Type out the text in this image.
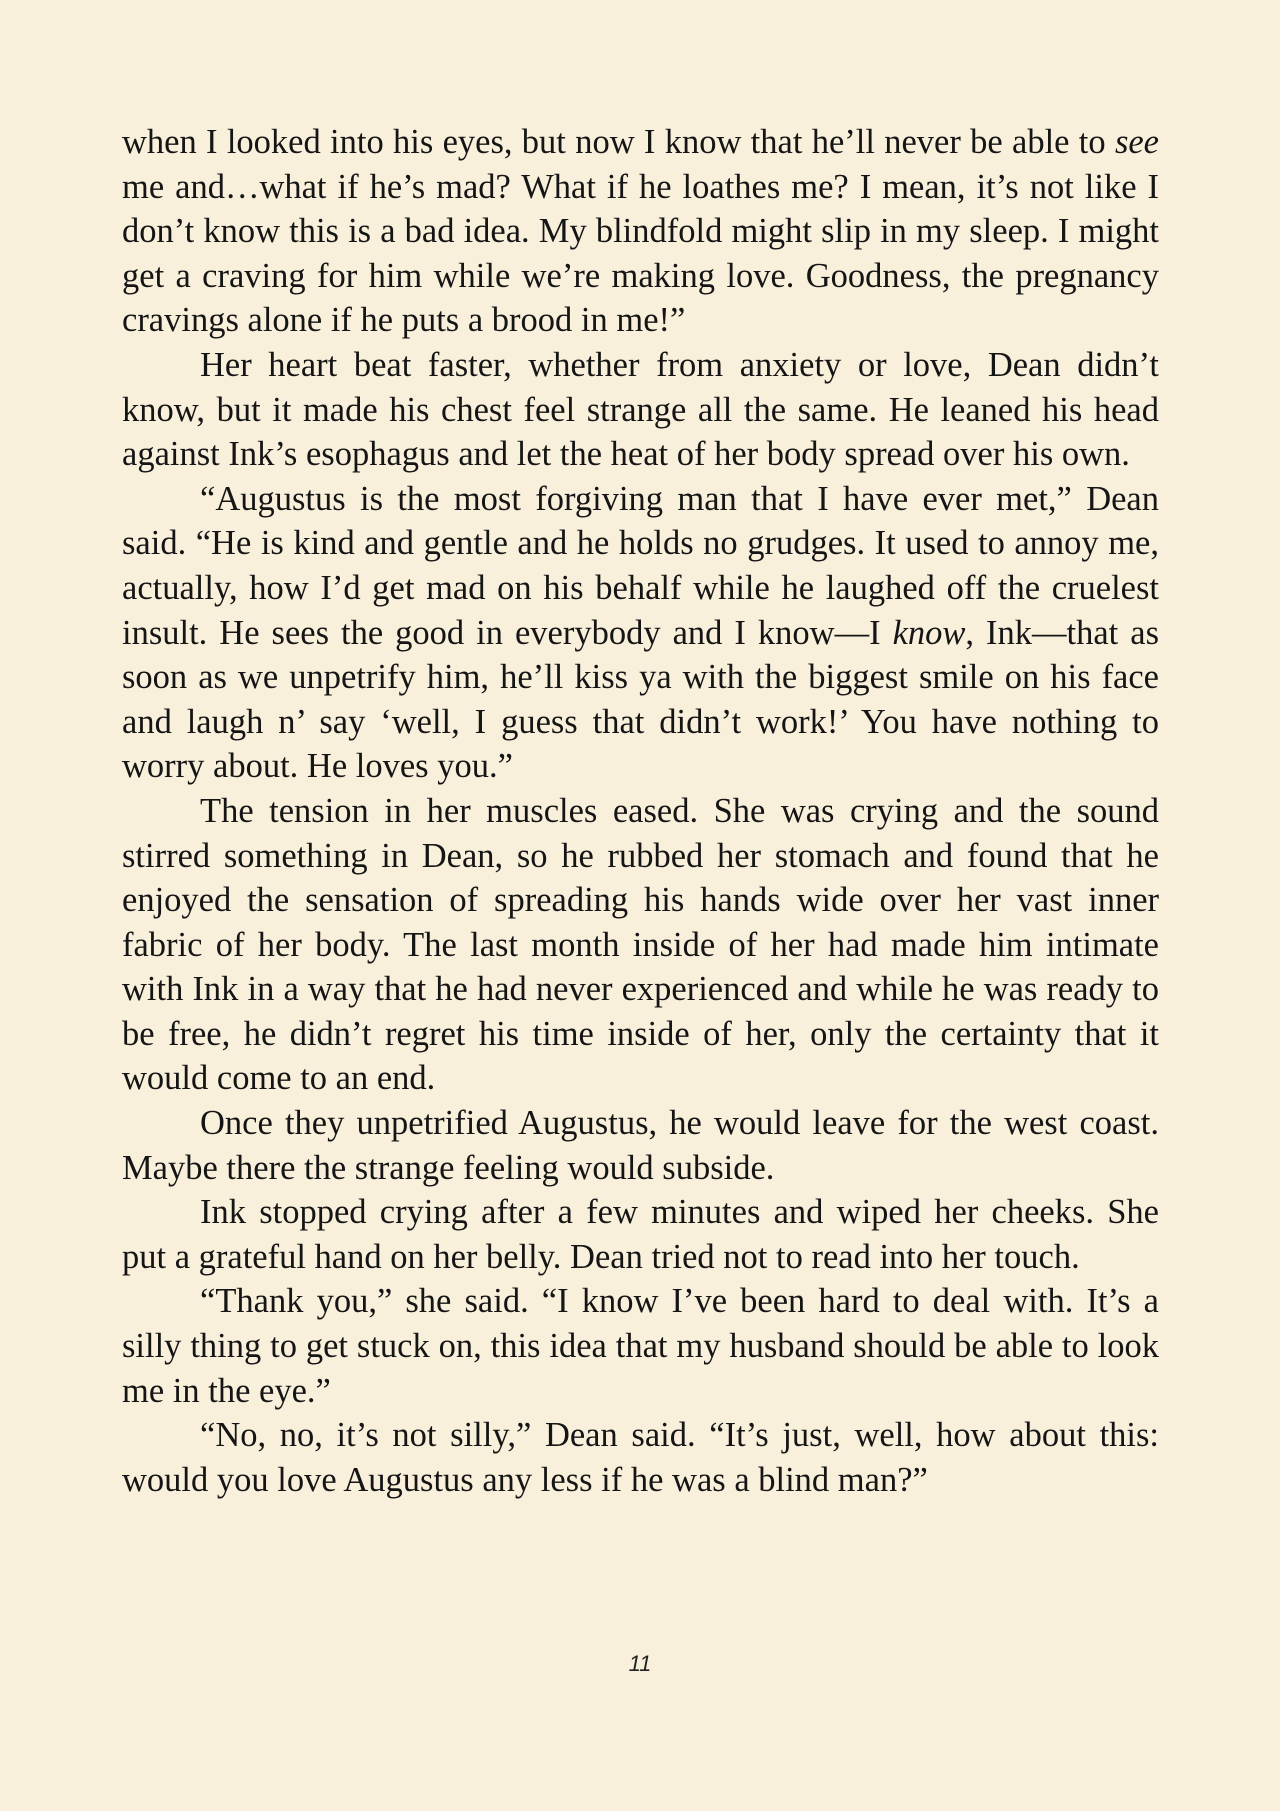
when I looked into his eyes, but now I know that he’ll never be able to see me and…what if he’s mad? What if he loathes me? I mean, it’s not like I don’t know this is a bad idea. My blindfold might slip in my sleep. I might get a craving for him while we’re making love. Goodness, the pregnancy cravings alone if he puts a brood in me!”

Her heart beat faster, whether from anxiety or love, Dean didn’t know, but it made his chest feel strange all the same. He leaned his head against Ink’s esophagus and let the heat of her body spread over his own.

“Augustus is the most forgiving man that I have ever met,” Dean said. “He is kind and gentle and he holds no grudges. It used to annoy me, actually, how I’d get mad on his behalf while he laughed off the cruelest insult. He sees the good in everybody and I know—I know, Ink—that as soon as we unpetrify him, he’ll kiss ya with the biggest smile on his face and laugh n’ say ‘well, I guess that didn’t work!’ You have nothing to worry about. He loves you.”

The tension in her muscles eased. She was crying and the sound stirred something in Dean, so he rubbed her stomach and found that he enjoyed the sensation of spreading his hands wide over her vast inner fabric of her body. The last month inside of her had made him intimate with Ink in a way that he had never experienced and while he was ready to be free, he didn’t regret his time inside of her, only the certainty that it would come to an end.

Once they unpetrified Augustus, he would leave for the west coast. Maybe there the strange feeling would subside.

Ink stopped crying after a few minutes and wiped her cheeks. She put a grateful hand on her belly. Dean tried not to read into her touch.

“Thank you,” she said. “I know I’ve been hard to deal with. It’s a silly thing to get stuck on, this idea that my husband should be able to look me in the eye.”

“No, no, it’s not silly,” Dean said. “It’s just, well, how about this: would you love Augustus any less if he was a blind man?”

11
